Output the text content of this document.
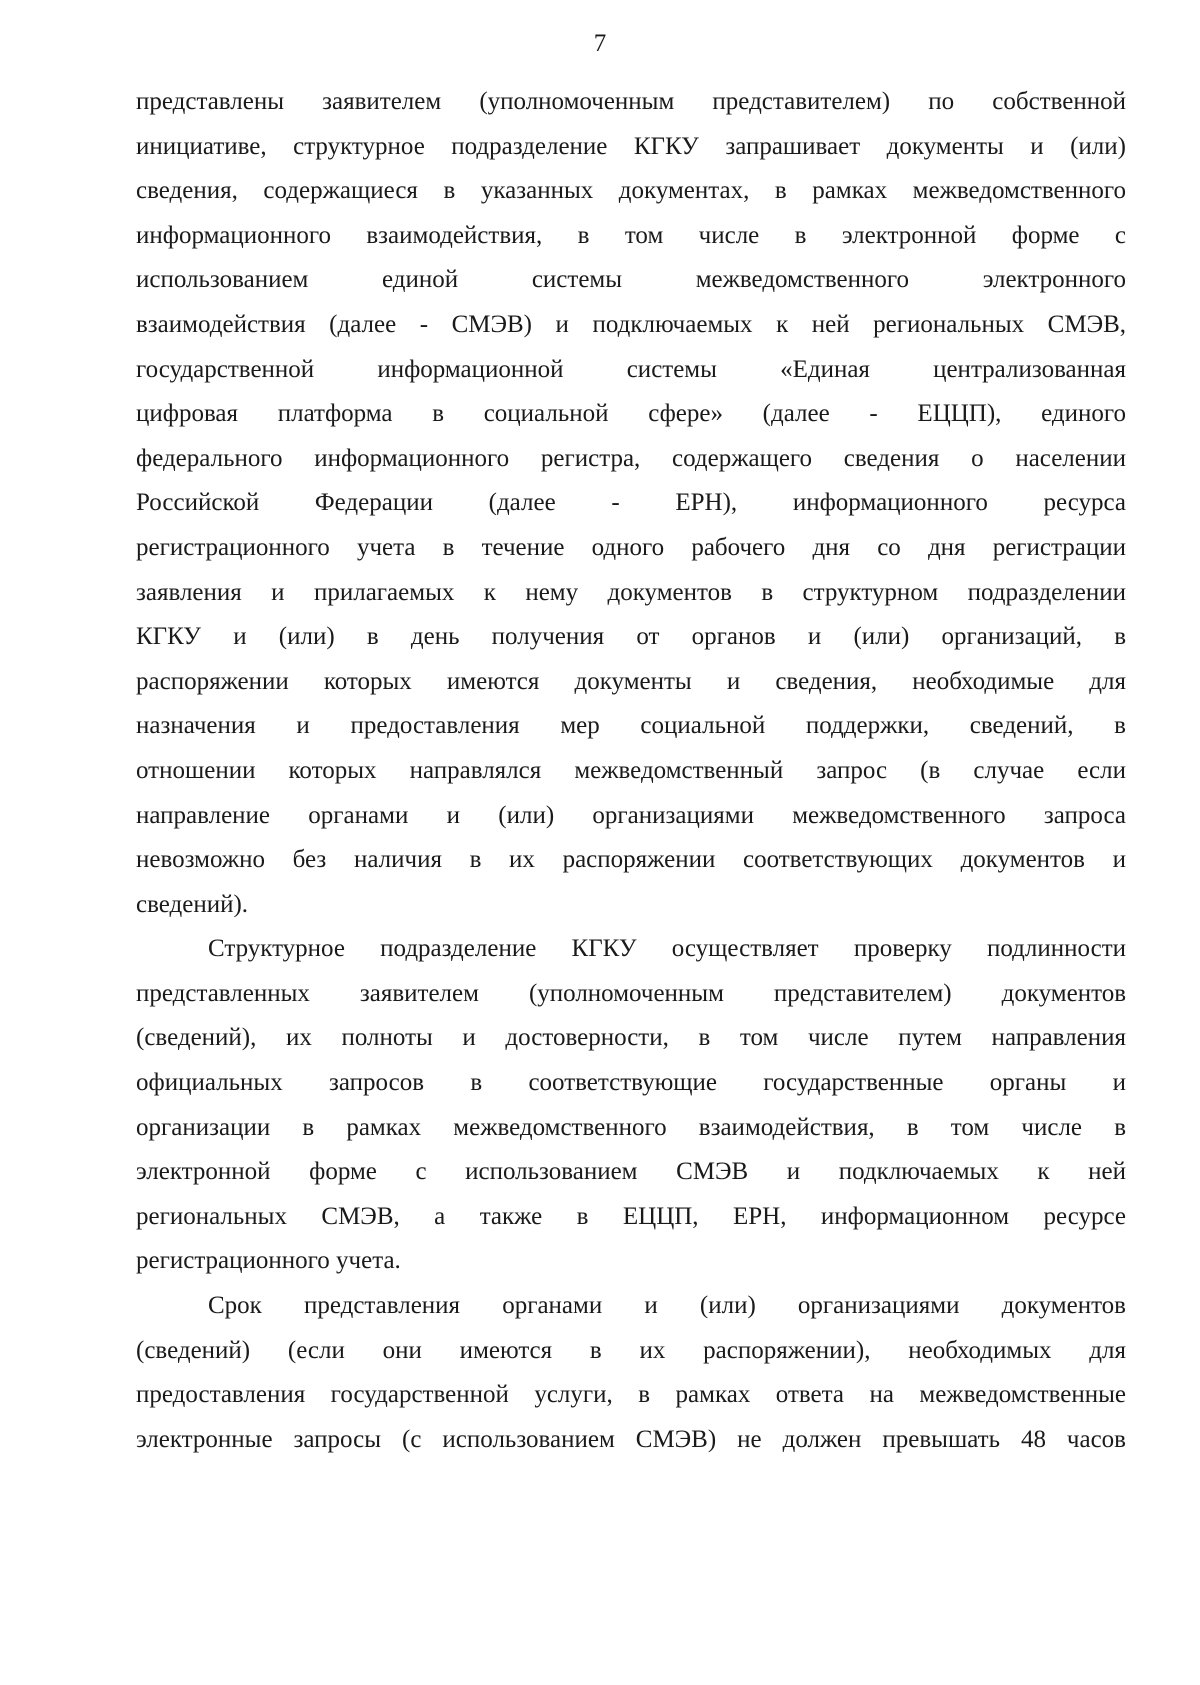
7
представлены заявителем (уполномоченным представителем) по собственной
инициативе, структурное подразделение КГКУ запрашивает документы и (или)
сведения, содержащиеся в указанных документах, в рамках межведомственного
информационного взаимодействия, в том числе в электронной форме с
использованием единой системы межведомственного электронного
взаимодействия (далее - СМЭВ) и подключаемых к ней региональных СМЭВ,
государственной информационной системы «Единая централизованная
цифровая платформа в социальной сфере» (далее - ЕЦЦП), единого
федерального информационного регистра, содержащего сведения о населении
Российской Федерации (далее - ЕРН), информационного ресурса
регистрационного учета в течение одного рабочего дня со дня регистрации
заявления и прилагаемых к нему документов в структурном подразделении
КГКУ и (или) в день получения от органов и (или) организаций, в
распоряжении которых имеются документы и сведения, необходимые для
назначения и предоставления мер социальной поддержки, сведений, в
отношении которых направлялся межведомственный запрос (в случае если
направление органами и (или) организациями межведомственного запроса
невозможно без наличия в их распоряжении соответствующих документов и
сведений).
Структурное подразделение КГКУ осуществляет проверку подлинности
представленных заявителем (уполномоченным представителем) документов
(сведений), их полноты и достоверности, в том числе путем направления
официальных запросов в соответствующие государственные органы и
организации в рамках межведомственного взаимодействия, в том числе в
электронной форме с использованием СМЭВ и подключаемых к ней
региональных СМЭВ, а также в ЕЦЦП, ЕРН, информационном ресурсе
регистрационного учета.
Срок представления органами и (или) организациями документов
(сведений) (если они имеются в их распоряжении), необходимых для
предоставления государственной услуги, в рамках ответа на межведомственные
электронные запросы (с использованием СМЭВ) не должен превышать 48 часов
